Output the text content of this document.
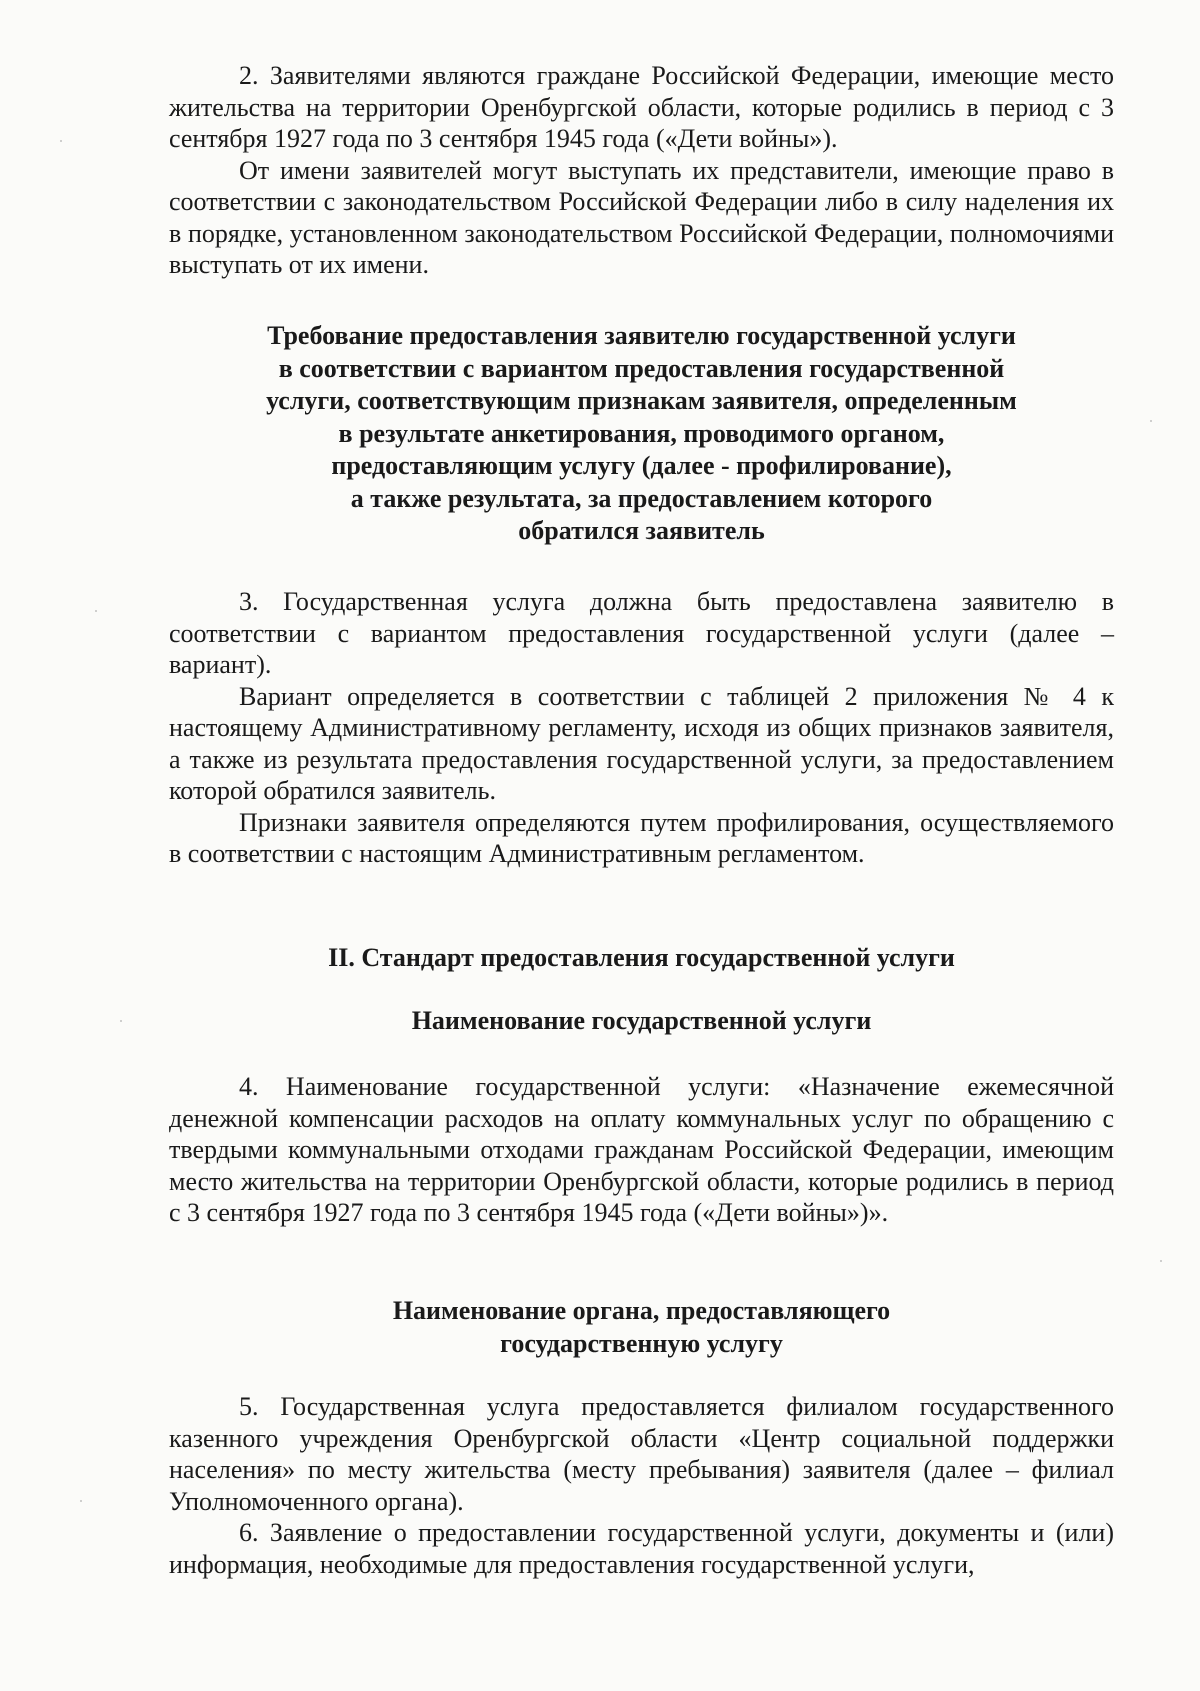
2. Заявителями являются граждане Российской Федерации, имеющие место жительства на территории Оренбургской области, которые родились в период с 3 сентября 1927 года по 3 сентября 1945 года («Дети войны»).

От имени заявителей могут выступать их представители, имеющие право в соответствии с законодательством Российской Федерации либо в силу наделения их в порядке, установленном законодательством Российской Федерации, полномочиями выступать от их имени.

Требование предоставления заявителю государственной услуги
в соответствии с вариантом предоставления государственной
услуги, соответствующим признакам заявителя, определенным
в результате анкетирования, проводимого органом,
предоставляющим услугу (далее - профилирование),
а также результата, за предоставлением которого
обратился заявитель

3. Государственная услуга должна быть предоставлена заявителю в соответствии с вариантом предоставления государственной услуги (далее – вариант).

Вариант определяется в соответствии с таблицей 2 приложения № 4 к настоящему Административному регламенту, исходя из общих признаков заявителя, а также из результата предоставления государственной услуги, за предоставлением которой обратился заявитель.

Признаки заявителя определяются путем профилирования, осуществляемого в соответствии с настоящим Административным регламентом.

II. Стандарт предоставления государственной услуги
Наименование государственной услуги

4. Наименование государственной услуги: «Назначение ежемесячной денежной компенсации расходов на оплату коммунальных услуг по обращению с твердыми коммунальными отходами гражданам Российской Федерации, имеющим место жительства на территории Оренбургской области, которые родились в период с 3 сентября 1927 года по 3 сентября 1945 года («Дети войны»)».

Наименование органа, предоставляющего
государственную услугу

5. Государственная услуга предоставляется филиалом государственного казенного учреждения Оренбургской области «Центр социальной поддержки населения» по месту жительства (месту пребывания) заявителя (далее – филиал Уполномоченного органа).

6. Заявление о предоставлении государственной услуги, документы и (или) информация, необходимые для предоставления государственной услуги,
